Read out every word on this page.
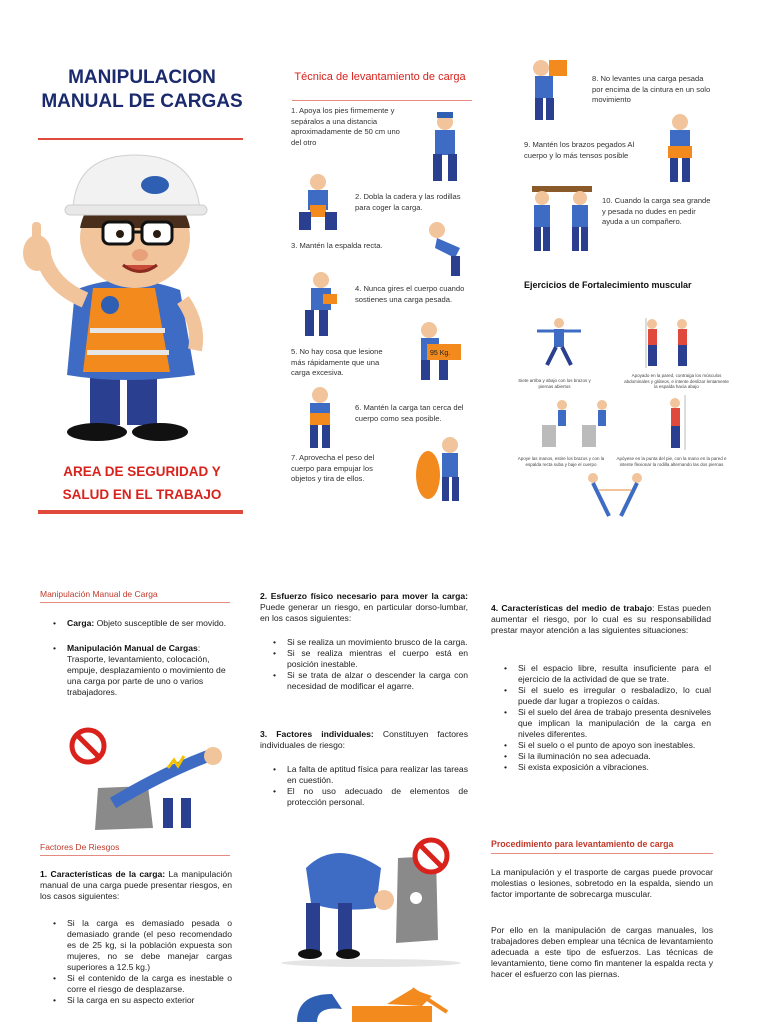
MANIPULACION MANUAL DE CARGAS
AREA DE SEGURIDAD Y SALUD EN EL TRABAJO
Técnica de levantamiento de carga
1. Apoya los pies firmemente y sepáralos a una distancia aproximadamente de 50 cm uno del otro
2. Dobla la cadera y las rodillas para coger la carga.
3. Mantén la espalda recta.
4. Nunca gires el cuerpo cuando sostienes una carga pesada.
5. No hay cosa que lesione más rápidamente que una carga excesiva.
6. Mantén la carga tan cerca del cuerpo como sea posible.
7. Aprovecha el peso del cuerpo para empujar los objetos y tira de ellos.
95 Kg.
8. No levantes una carga pesada por encima de la cintura en un solo movimiento
9. Mantén los brazos pegados Al cuerpo y lo más tensos posible
10. Cuando la carga sea grande y pesada no dudes en pedir ayuda a un compañero.
Ejercicios de Fortalecimiento muscular
Siete arriba y abajo con los brazos y piernas abiertos
Apoyado en la pared, contraiga los músculos abdominales y glúteos, e intente deslizar lentamente la espalda hacia abajo
Apoye las manos, estire los brazos y con la espalda recta suba y baje el cuerpo
Apóyese en la punta del pie, con la mano en la pared e intente flexionar la rodilla alternando las dos piernas
Manipulación Manual de Carga
• Carga: Objeto susceptible de ser movido.
• Manipulación Manual de Cargas: Trasporte, levantamiento, colocación, empuje, desplazamiento o movimiento de una carga por parte de uno o varios trabajadores.
Factores De Riesgos
1. Características de la carga: La manipulación manual de una carga puede presentar riesgos, en los casos siguientes:
• Si la carga es demasiado pesada o demasiado grande (el peso recomendado es de 25 kg, si la población expuesta son mujeres, no se debe manejar cargas superiores a 12.5 kg.)
• Si el contenido de la carga es inestable o corre el riesgo de desplazarse.
• Si la carga en su aspecto exterior
2. Esfuerzo físico necesario para mover la carga: Puede generar un riesgo, en particular dorso-lumbar, en los casos siguientes:
• Si se realiza un movimiento brusco de la carga.
• Si se realiza mientras el cuerpo está en posición inestable.
• Si se trata de alzar o descender la carga con necesidad de modificar el agarre.
3. Factores individuales: Constituyen factores individuales de riesgo:
• La falta de aptitud física para realizar las tareas en cuestión.
• El no uso adecuado de elementos de protección personal.
4. Características del medio de trabajo: Estas pueden aumentar el riesgo, por lo cual es su responsabilidad prestar mayor atención a las siguientes situaciones:
• Si el espacio libre, resulta insuficiente para el ejercicio de la actividad de que se trate.
• Si el suelo es irregular o resbaladizo, lo cual puede dar lugar a tropiezos o caídas.
• Si el suelo del área de trabajo presenta desniveles que implican la manipulación de la carga en niveles diferentes.
• Si el suelo o el punto de apoyo son inestables.
• Si la iluminación no sea adecuada.
• Si exista exposición a vibraciones.
Procedimiento para levantamiento de carga
La manipulación y el trasporte de cargas puede provocar molestias o lesiones, sobretodo en la espalda, siendo un factor importante de sobrecarga muscular.
Por ello en la manipulación de cargas manuales, los trabajadores deben emplear una técnica de levantamiento adecuada a este tipo de esfuerzos. Las técnicas de levantamiento, tiene como fin mantener la espalda recta y hacer el esfuerzo con las piernas.
